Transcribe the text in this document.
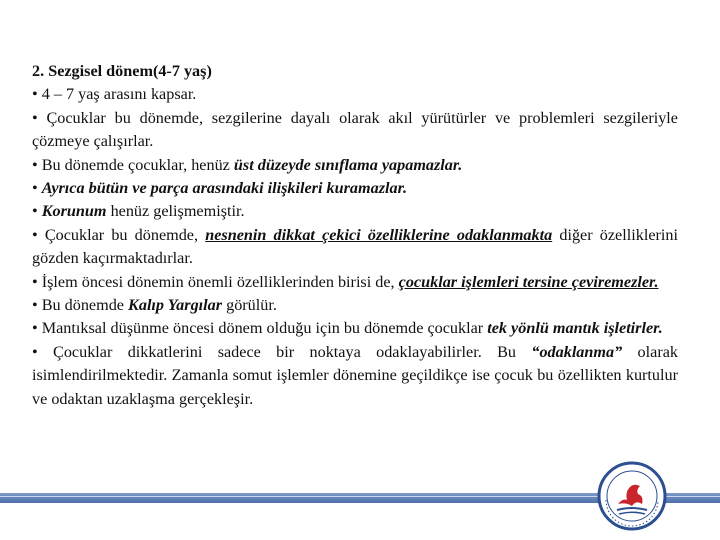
2. Sezgisel dönem(4-7 yaş)

• 4 – 7 yaş arasını kapsar.

• Çocuklar bu dönemde, sezgilerine dayalı olarak akıl yürütürler ve problemleri sezgileriyle çözmeye çalışırlar.

• Bu dönemde çocuklar, henüz üst düzeyde sınıflama yapamazlar.

• Ayrıca bütün ve parça arasındaki ilişkileri kuramazlar.

• Korunum henüz gelişmemiştir.

• Çocuklar bu dönemde, nesnenin dikkat çekici özelliklerine odaklanmakta diğer özelliklerini gözden kaçırmaktadırlar.

• İşlem öncesi dönemin önemli özelliklerinden birisi de, çocuklar işlemleri tersine çeviremezler.

• Bu dönemde Kalıp Yargılar görülür.

• Mantıksal düşünme öncesi dönem olduğu için bu dönemde çocuklar tek yönlü mantık işletirler.

• Çocuklar dikkatlerini sadece bir noktaya odaklayabilirler. Bu “odaklanma” olarak isimlendirilmektedir. Zamanla somut işlemler dönemine geçildikçe ise çocuk bu özellikten kurtulur ve odaktan uzaklaşma gerçekleşir.
